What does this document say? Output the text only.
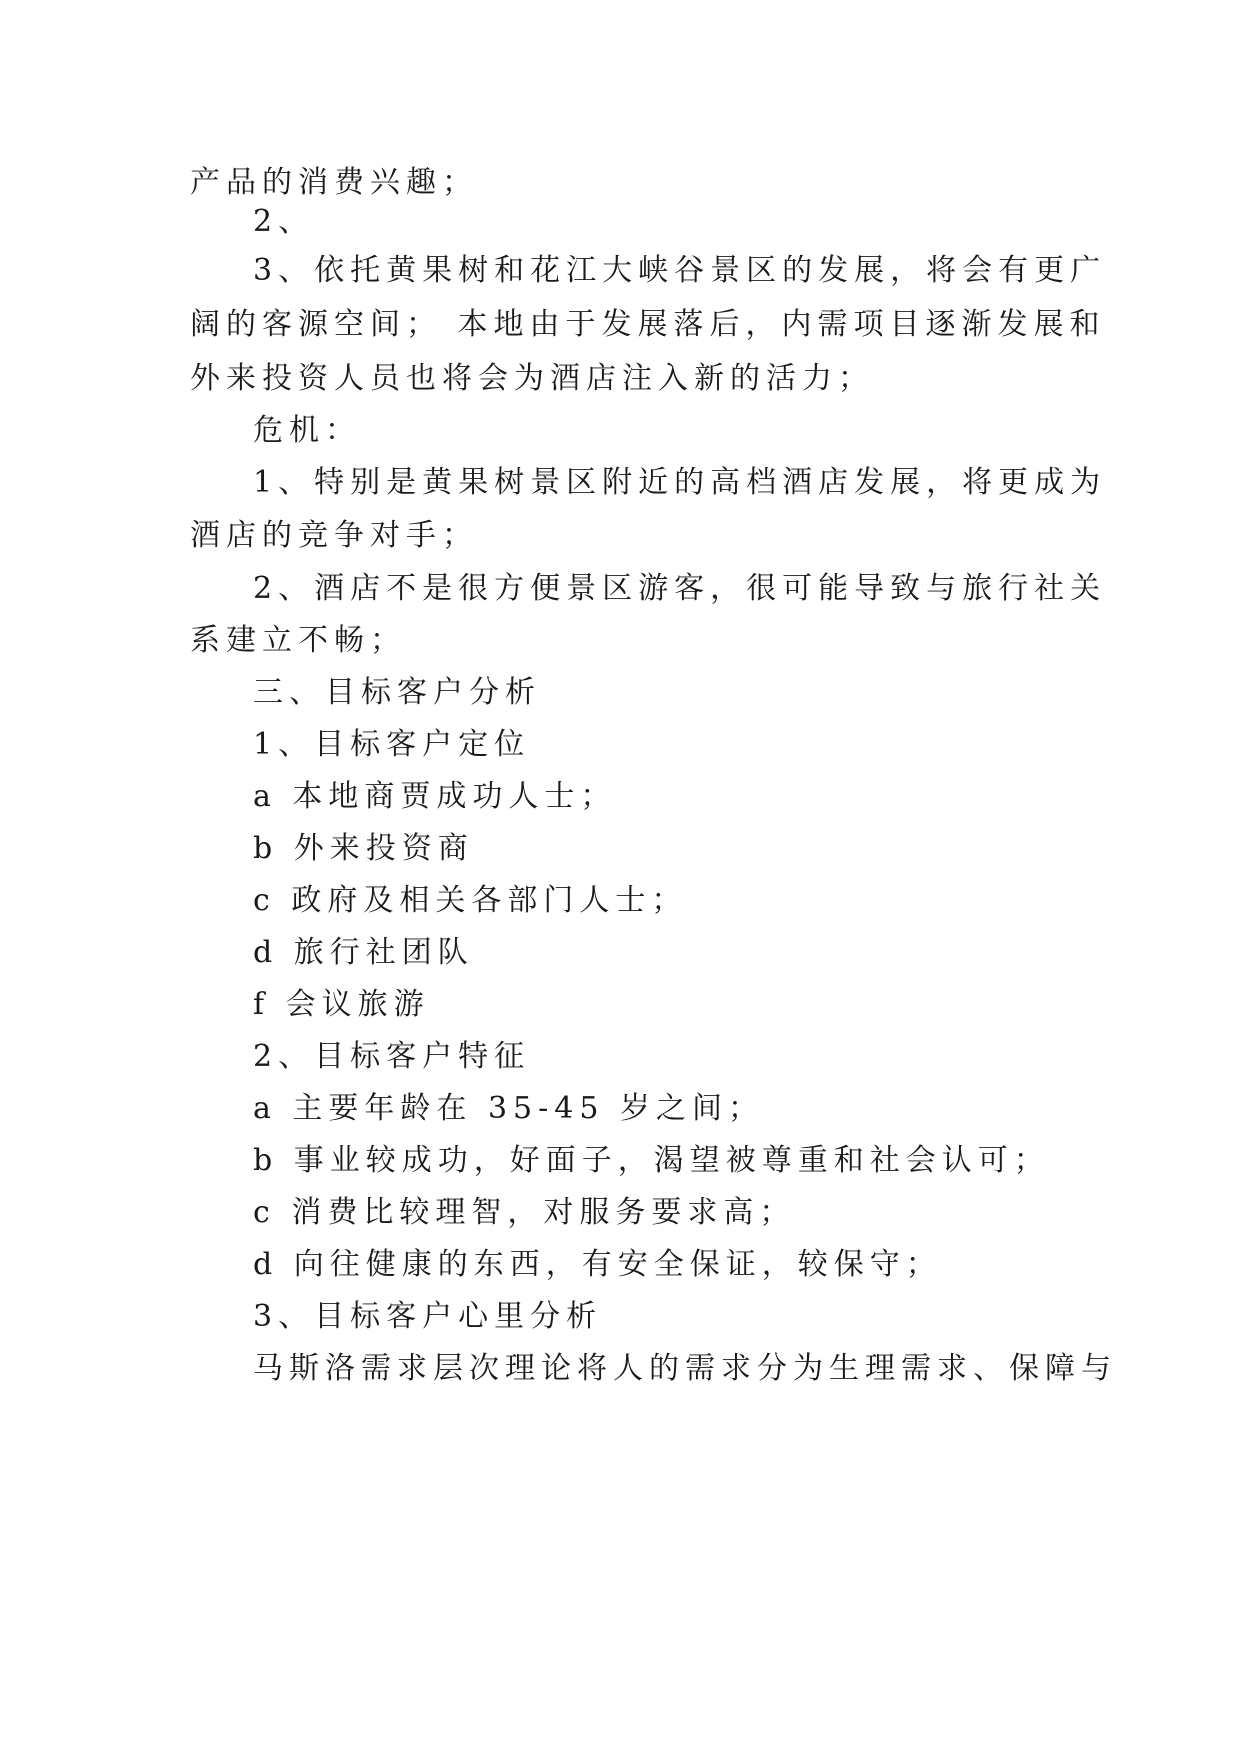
产品的消费兴趣；
2、
3、依托黄果树和花江大峡谷景区的发展，将会有更广
阔的客源空间； 本地由于发展落后，内需项目逐渐发展和
外来投资人员也将会为酒店注入新的活力；
危机：
1、特别是黄果树景区附近的高档酒店发展，将更成为
酒店的竞争对手；
2、酒店不是很方便景区游客，很可能导致与旅行社关
系建立不畅；
三、目标客户分析
1、目标客户定位
a 本地商贾成功人士；
b 外来投资商
c 政府及相关各部门人士；
d 旅行社团队
f 会议旅游
2、目标客户特征
a 主要年龄在 35-45 岁之间；
b 事业较成功，好面子，渴望被尊重和社会认可；
c 消费比较理智，对服务要求高；
d 向往健康的东西，有安全保证，较保守；
3、目标客户心里分析
马斯洛需求层次理论将人的需求分为生理需求、保障与
